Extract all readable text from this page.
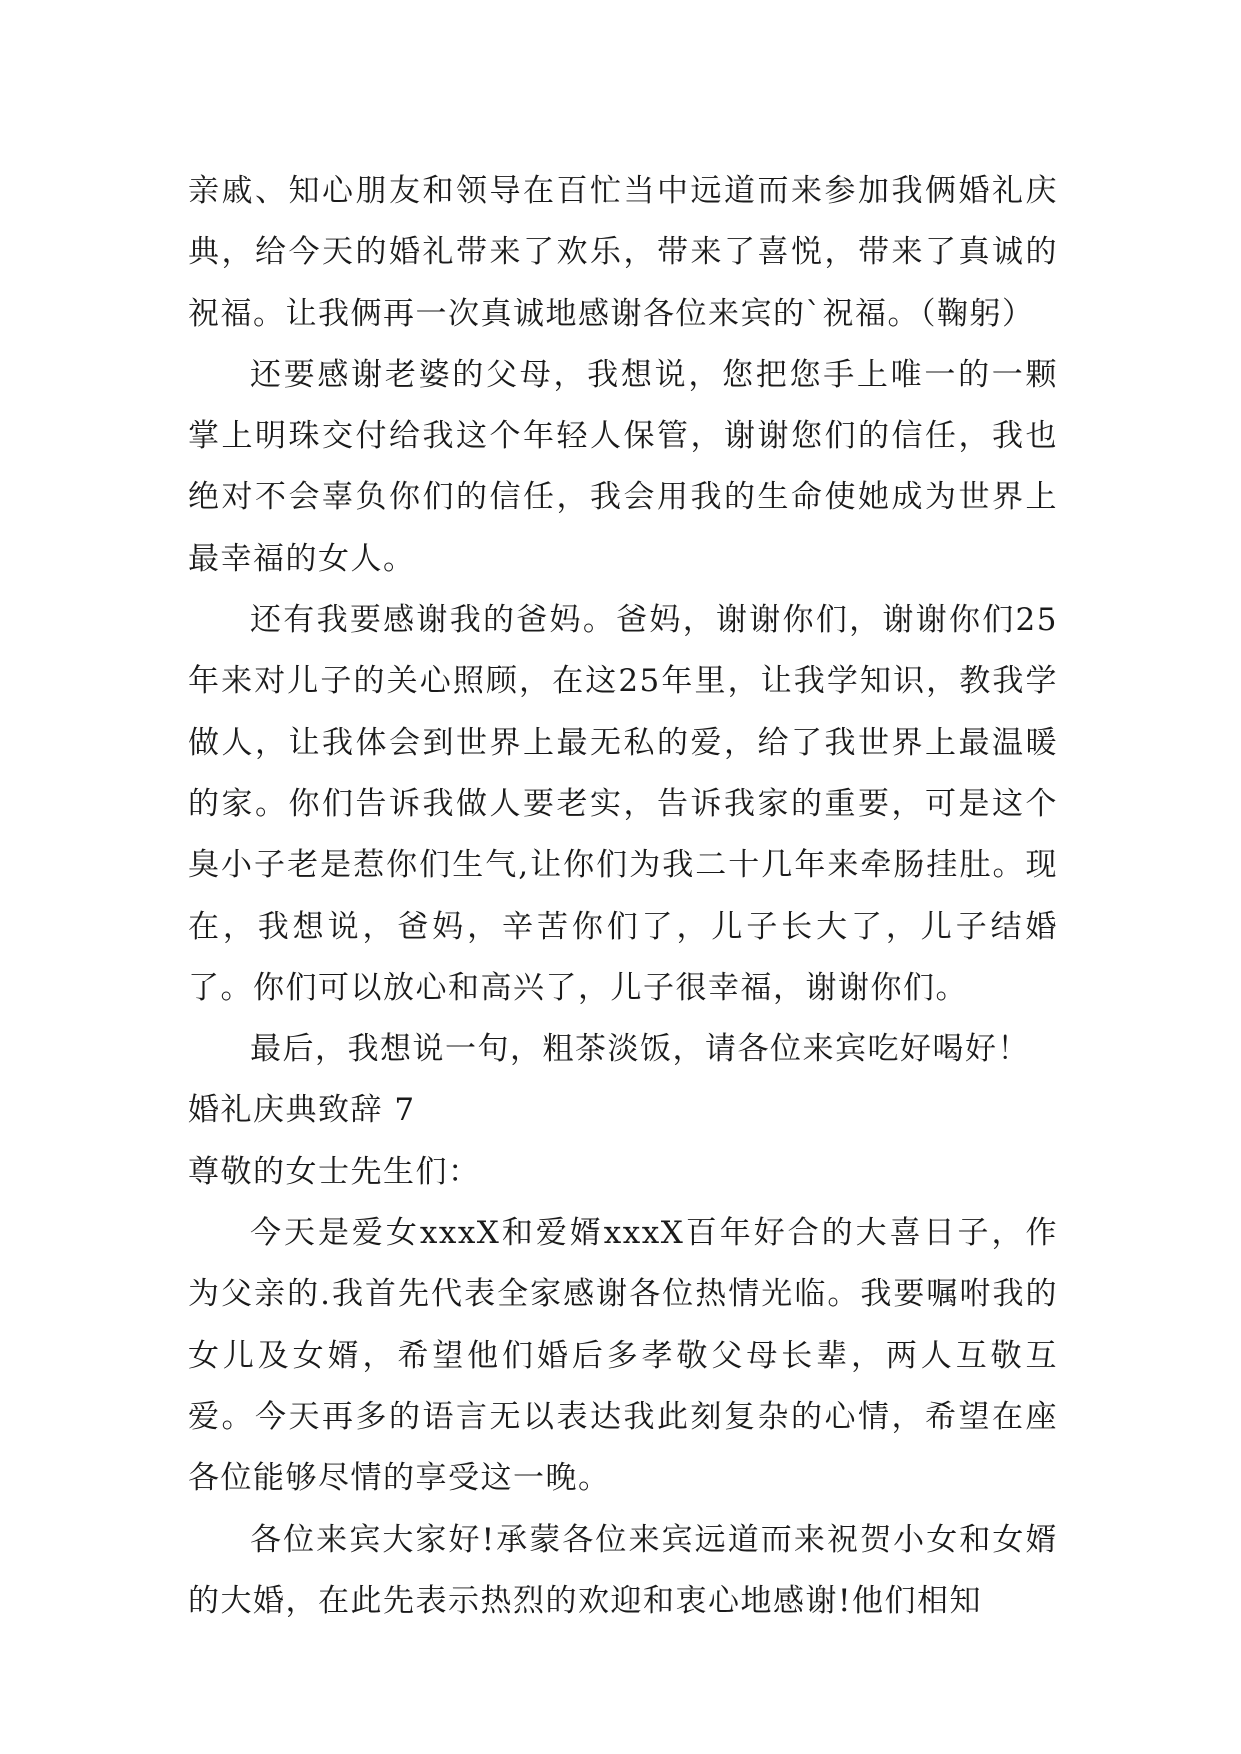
亲戚、知心朋友和领导在百忙当中远道而来参加我俩婚礼庆典，给今天的婚礼带来了欢乐，带来了喜悦，带来了真诚的祝福。让我俩再一次真诚地感谢各位来宾的`祝福。（鞠躬）

还要感谢老婆的父母，我想说，您把您手上唯一的一颗掌上明珠交付给我这个年轻人保管，谢谢您们的信任，我也绝对不会辜负你们的信任，我会用我的生命使她成为世界上最幸福的女人。

还有我要感谢我的爸妈。爸妈，谢谢你们，谢谢你们25年来对儿子的关心照顾，在这25年里，让我学知识，教我学做人，让我体会到世界上最无私的爱，给了我世界上最温暖的家。你们告诉我做人要老实，告诉我家的重要，可是这个臭小子老是惹你们生气,让你们为我二十几年来牵肠挂肚。现在，我想说，爸妈，辛苦你们了，儿子长大了，儿子结婚了。你们可以放心和高兴了，儿子很幸福，谢谢你们。

最后，我想说一句，粗茶淡饭，请各位来宾吃好喝好！

婚礼庆典致辞 7

尊敬的女士先生们：

今天是爱女xxxX和爱婿xxxX百年好合的大喜日子，作为父亲的.我首先代表全家感谢各位热情光临。我要嘱咐我的女儿及女婿，希望他们婚后多孝敬父母长辈，两人互敬互爱。今天再多的语言无以表达我此刻复杂的心情，希望在座各位能够尽情的享受这一晚。

各位来宾大家好!承蒙各位来宾远道而来祝贺小女和女婿的大婚，在此先表示热烈的欢迎和衷心地感谢!他们相知
